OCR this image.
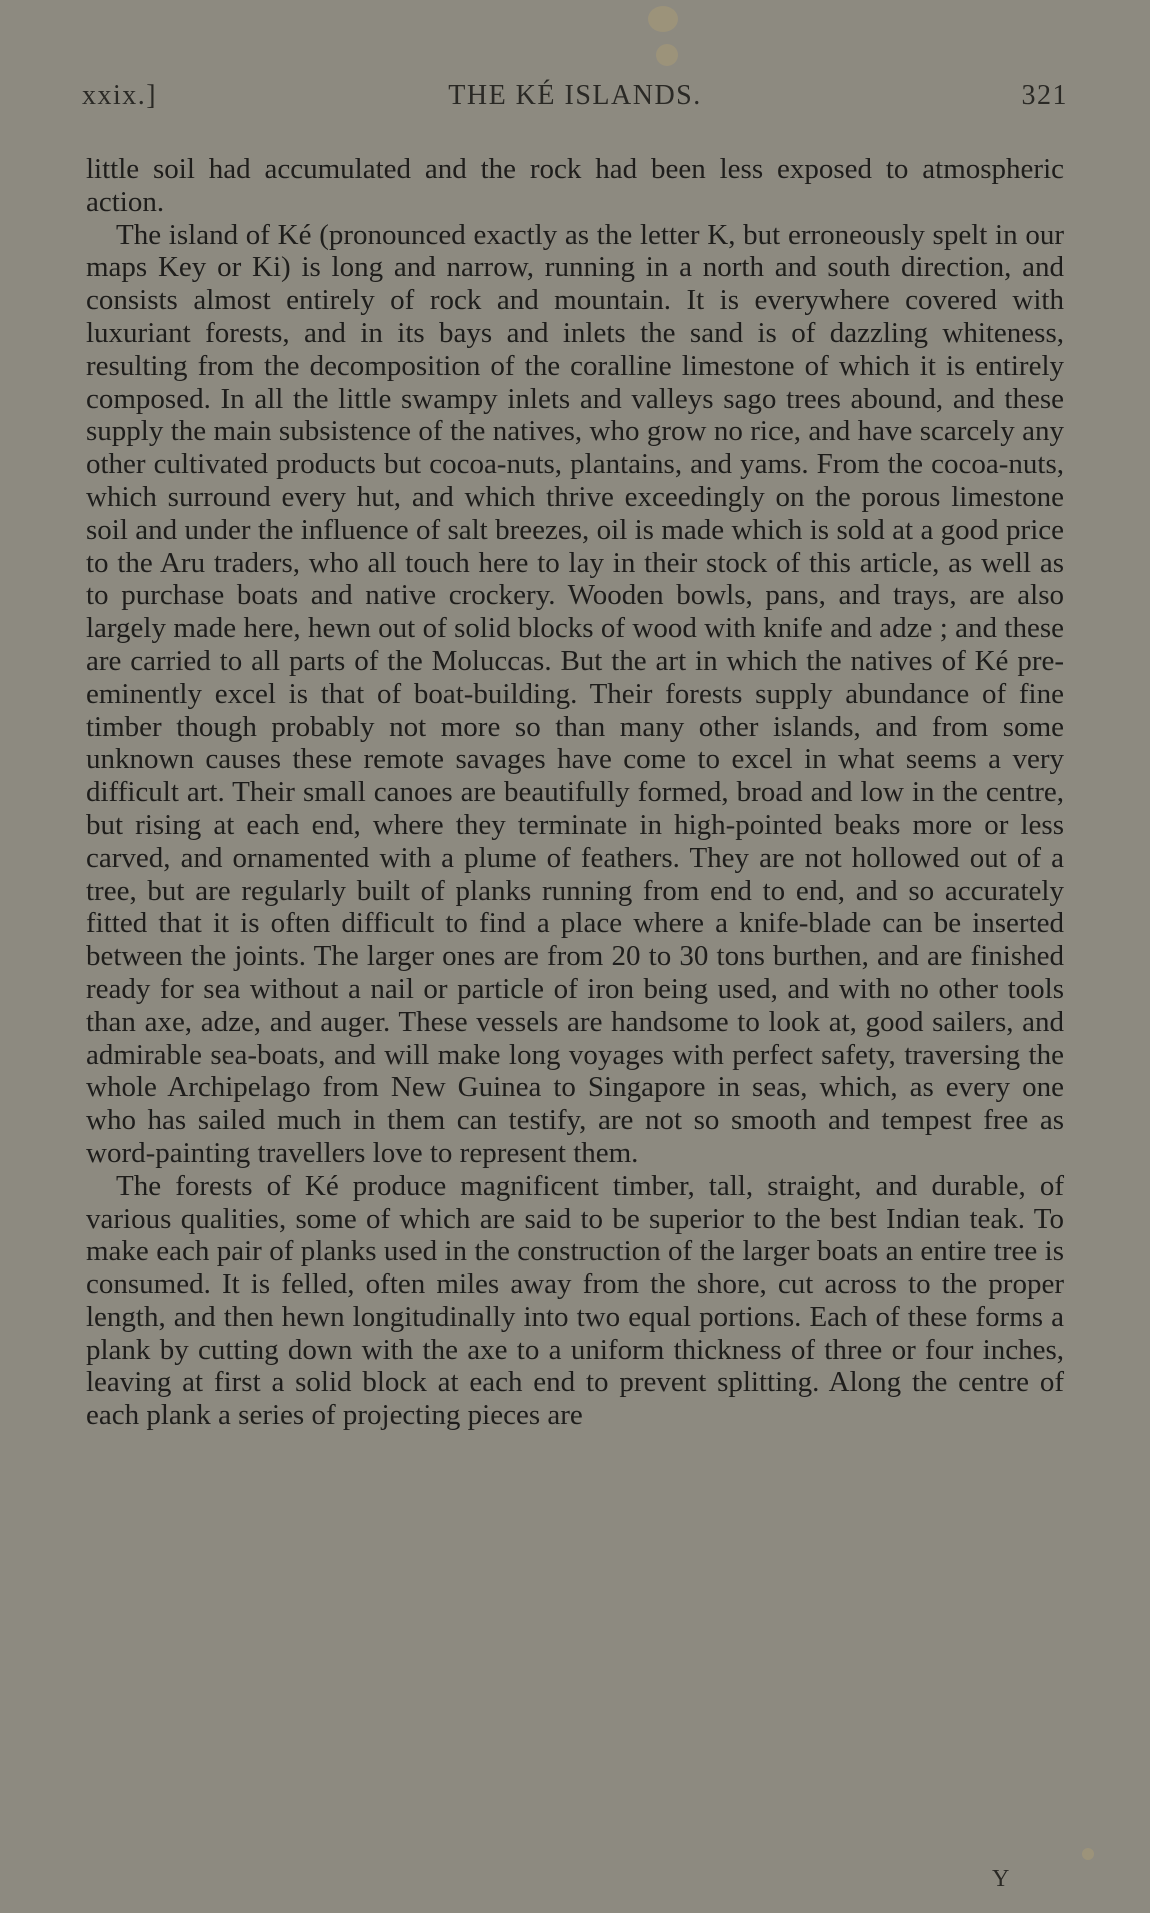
xxix.]	THE KÉ ISLANDS.	321

little soil had accumulated and the rock had been less exposed to atmospheric action.

The island of Ké (pronounced exactly as the letter K, but erroneously spelt in our maps Key or Ki) is long and narrow, running in a north and south direction, and consists almost entirely of rock and mountain. It is everywhere covered with luxuriant forests, and in its bays and inlets the sand is of dazzling whiteness, resulting from the decomposition of the coralline limestone of which it is entirely composed. In all the little swampy inlets and valleys sago trees abound, and these supply the main subsistence of the natives, who grow no rice, and have scarcely any other cultivated products but cocoa-nuts, plantains, and yams. From the cocoa-nuts, which surround every hut, and which thrive exceedingly on the porous limestone soil and under the influence of salt breezes, oil is made which is sold at a good price to the Aru traders, who all touch here to lay in their stock of this article, as well as to purchase boats and native crockery. Wooden bowls, pans, and trays, are also largely made here, hewn out of solid blocks of wood with knife and adze ; and these are carried to all parts of the Moluccas. But the art in which the natives of Ké pre-eminently excel is that of boat-building. Their forests supply abundance of fine timber though probably not more so than many other islands, and from some unknown causes these remote savages have come to excel in what seems a very difficult art. Their small canoes are beautifully formed, broad and low in the centre, but rising at each end, where they terminate in high-pointed beaks more or less carved, and ornamented with a plume of feathers. They are not hollowed out of a tree, but are regularly built of planks running from end to end, and so accurately fitted that it is often difficult to find a place where a knife-blade can be inserted between the joints. The larger ones are from 20 to 30 tons burthen, and are finished ready for sea without a nail or particle of iron being used, and with no other tools than axe, adze, and auger. These vessels are handsome to look at, good sailers, and admirable sea-boats, and will make long voyages with perfect safety, traversing the whole Archipelago from New Guinea to Singapore in seas, which, as every one who has sailed much in them can testify, are not so smooth and tempest free as word-painting travellers love to represent them.

The forests of Ké produce magnificent timber, tall, straight, and durable, of various qualities, some of which are said to be superior to the best Indian teak. To make each pair of planks used in the construction of the larger boats an entire tree is consumed. It is felled, often miles away from the shore, cut across to the proper length, and then hewn longitudinally into two equal portions. Each of these forms a plank by cutting down with the axe to a uniform thickness of three or four inches, leaving at first a solid block at each end to prevent splitting. Along the centre of each plank a series of projecting pieces are

Y
